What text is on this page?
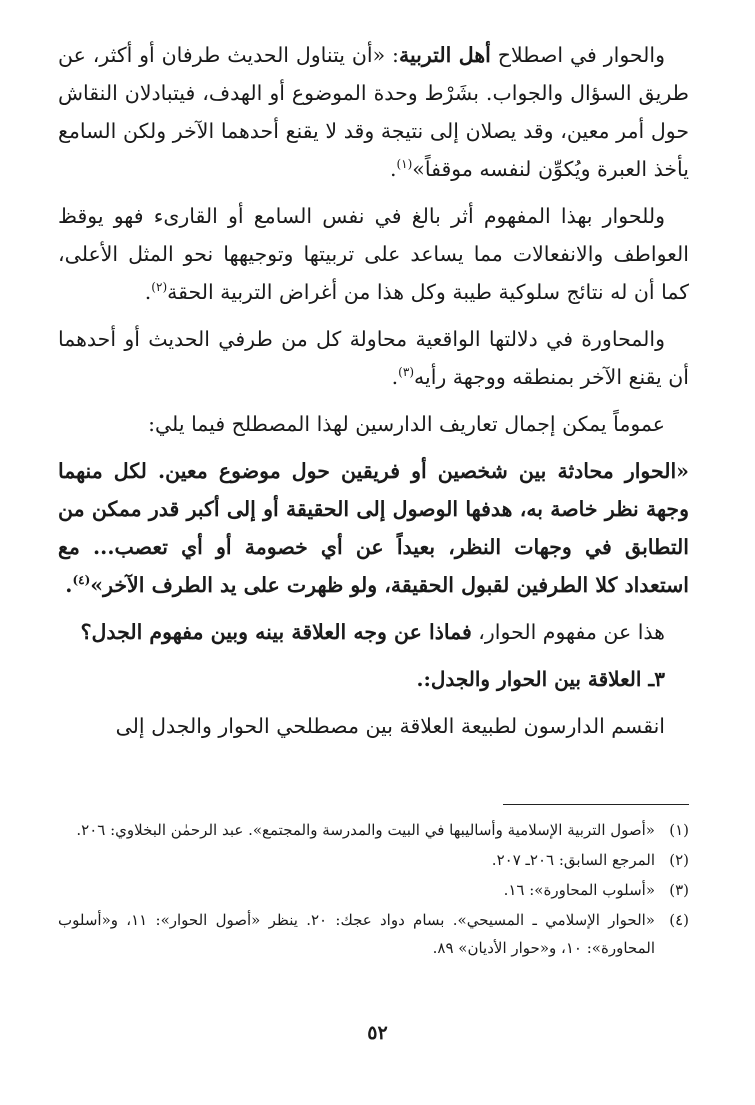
والحوار في اصطلاح أهل التربية: «أن يتناول الحديث طرفان أو أكثر، عن طريق السؤال والجواب. بشَرْط وحدة الموضوع أو الهدف، فيتبادلان النقاش حول أمر معين، وقد يصلان إلى نتيجة وقد لا يقنع أحدهما الآخر ولكن السامع يأخذ العبرة ويُكوِّن لنفسه موقفاً»$^{(١)}$.

وللحوار بهذا المفهوم أثر بالغ في نفس السامع أو القارىء فهو يوقظ العواطف والانفعالات مما يساعد على تربيتها وتوجيهها نحو المثل الأعلى، كما أن له نتائج سلوكية طيبة وكل هذا من أغراض التربية الحقة$^{(٢)}$.

والمحاورة في دلالتها الواقعية محاولة كل من طرفي الحديث أو أحدهما أن يقنع الآخر بمنطقه ووجهة رأيه$^{(٣)}$.

عموماً يمكن إجمال تعاريف الدارسين لهذا المصطلح فيما يلي:

«الحوار محادثة بين شخصين أو فريقين حول موضوع معين. لكل منهما وجهة نظر خاصة به، هدفها الوصول إلى الحقيقة أو إلى أكبر قدر ممكن من التطابق في وجهات النظر، بعيداً عن أي خصومة أو أي تعصب... مع استعداد كلا الطرفين لقبول الحقيقة، ولو ظهرت على يد الطرف الآخر»$^{(٤)}$.

هذا عن مفهوم الحوار، فماذا عن وجه العلاقة بينه وبين مفهوم الجدل؟

٣ـ العلاقة بين الحوار والجدل:.

انقسم الدارسون لطبيعة العلاقة بين مصطلحي الحوار والجدل إلى

(١)
«أصول التربية الإسلامية وأساليبها في البيت والمدرسة والمجتمع». عبد الرحمٰن البخلاوي: ٢٠٦.
(٢)
المرجع السابق: ٢٠٦ـ ٢٠٧.
(٣)
«أسلوب المحاورة»: ١٦.
(٤)
«الحوار الإسلامي ـ المسيحي». بسام دواد عجك: ٢٠. ينظر «أصول الحوار»: ١١، و«أسلوب المحاورة»: ١٠، و«حوار الأديان» ٨٩.
٥٢
